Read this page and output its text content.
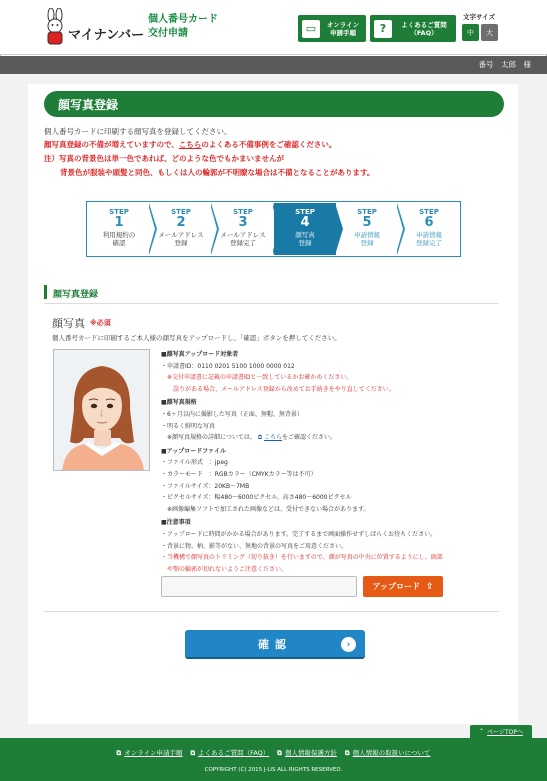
マイナンバー
個人番号カード
交付申請	▭	オンライン
申請手順	?	よくあるご質問
（FAQ）
文字サイズ
中	大
番号　太郎　様
顔写真登録
個人番号カードに印刷する顔写真を登録してください。
顔写真登録の不備が増えていますので、こちらのよくある不備事例をご確認ください。
注）写真の背景色は単一色であれば、どのような色でもかまいませんが
背景色が服装や頭髪と同色、もしくは人の輪郭が不明瞭な場合は不備となることがあります。
STEP
1
利用規約の
確認
STEP
2
メールアドレス
登録
STEP
3
メールアドレス
登録完了
STEP
4
顔写真
登録
STEP
5
申請情報
登録
STEP
6
申請情報
登録完了
顔写真登録
顔写真 ※必須
個人番号カードに印刷するご本人様の顔写真をアップロードし、「確認」ボタンを押してください。
■顔写真アップロード対象者
・申請書ID：0110 0201 5100 1000 0000 012
　※交付申請書に記載の申請書IDと一致しているかお確かめください。
　　誤りがある場合、メールアドレス登録から改めてお手続きをやり直してください。
■顔写真規格
・6ヶ月以内に撮影した写真（正面、無帽、無背景）
・明るく鮮明な写真
　※顔写真規格の詳細については、 ⧉ こちらをご確認ください。
■アップロードファイル
・ファイル形式　：jpeg
・カラーモード　：RGBカラー（CMYKカラー等は不可）
・ファイルサイズ：20KB〜7MB
・ピクセルサイズ：幅480〜6000ピクセル、高さ480〜6000ピクセル
　※画像編集ソフトで加工された画像などは、受付できない場合があります。
■注意事項
・アップロードに時間がかかる場合があります。完了するまで画面操作せずしばらくお待ちください。
・背景に物、柄、影等がない、無地の背景の写真をご用意ください。
・当機構で顔写真のトリミング（切り抜き）を行いますので、顔が写真の中央に位置するようにし、頭部
　や顎の輪郭が切れないようご注意ください。
アップロード ⇪
確認	›
⌃ ページTOPへ
⧉ オンライン申請手順 ⧉ よくあるご質問（FAQ） ⧉ 個人情報保護方針 ⧉ 個人情報の取扱いについて
COPYRIGHT (C) 2015 J-LIS ALL RIGHTS RESERVED.
